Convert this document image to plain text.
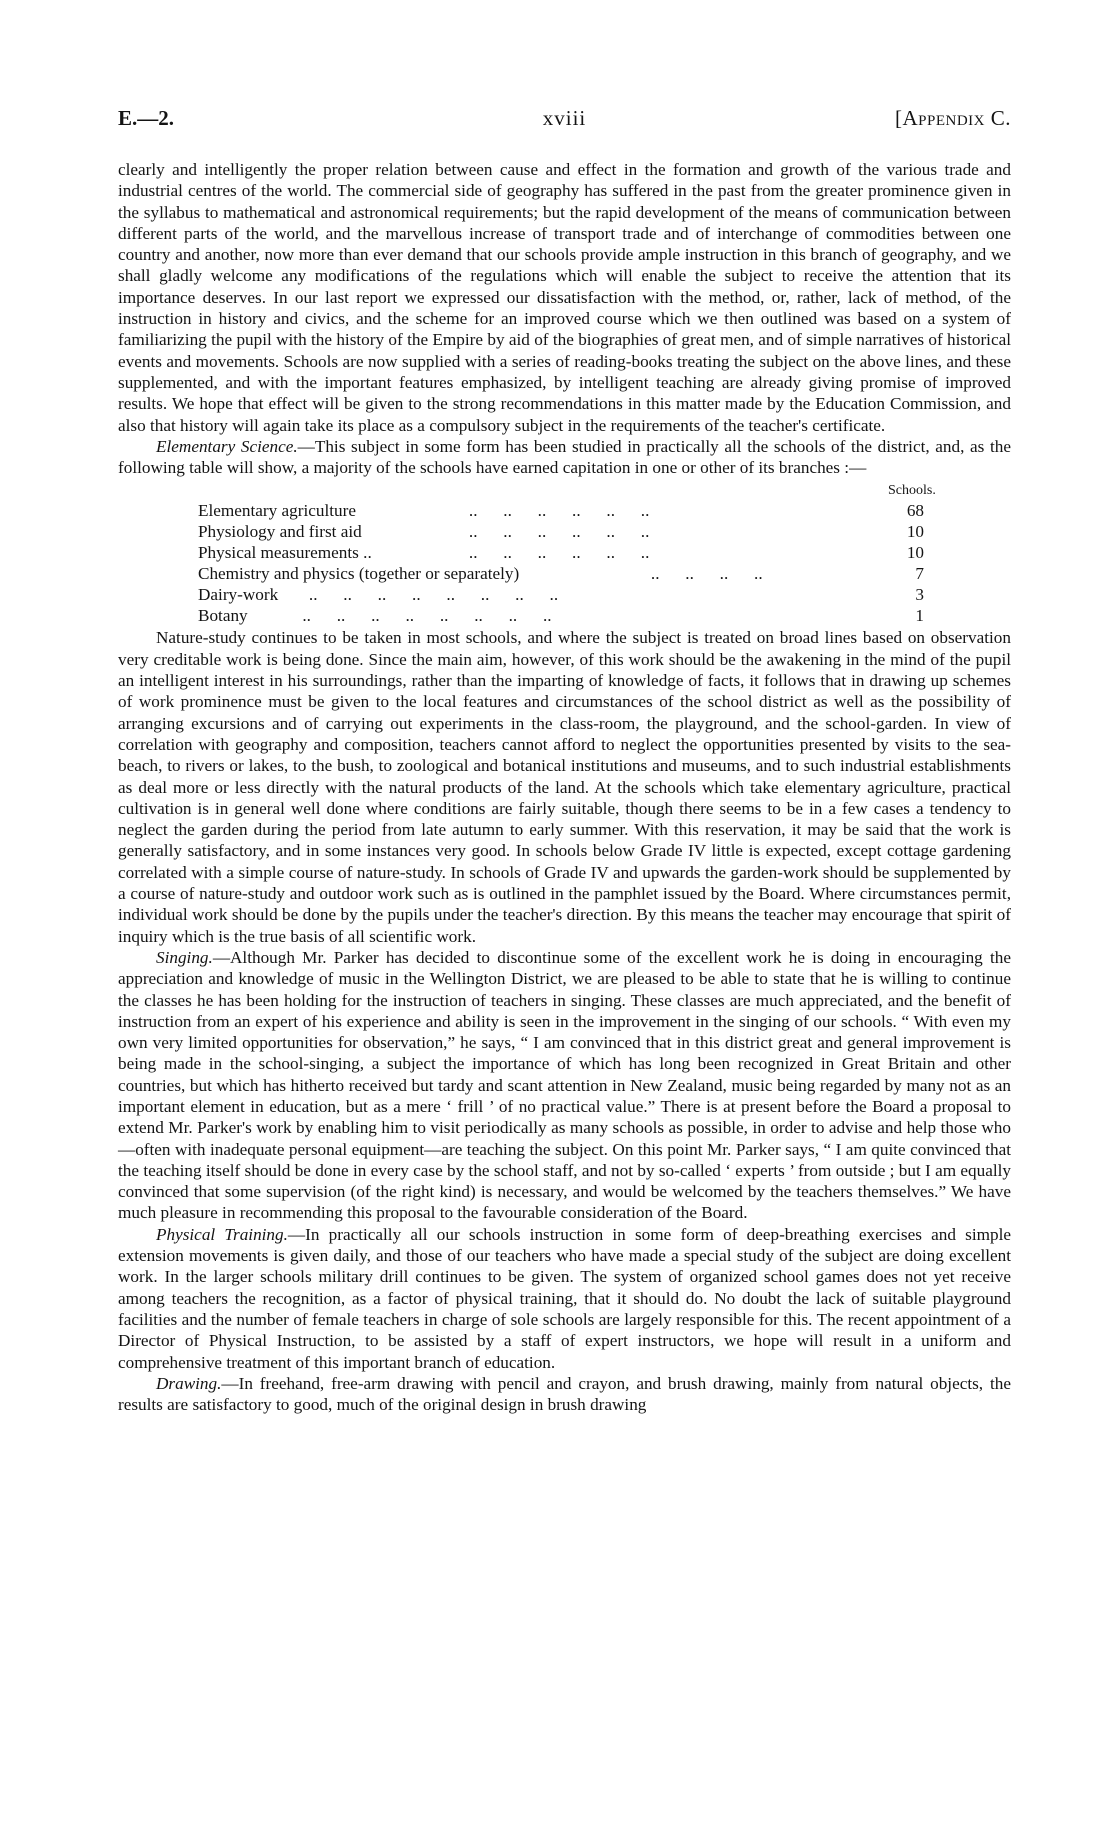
E.—2.	xviii	[Appendix C.

clearly and intelligently the proper relation between cause and effect in the formation and growth of the various trade and industrial centres of the world. The commercial side of geography has suffered in the past from the greater prominence given in the syllabus to mathematical and astronomical requirements; but the rapid development of the means of communication between different parts of the world, and the marvellous increase of transport trade and of interchange of commodities between one country and another, now more than ever demand that our schools provide ample instruction in this branch of geography, and we shall gladly welcome any modifications of the regulations which will enable the subject to receive the attention that its importance deserves. In our last report we expressed our dissatisfaction with the method, or, rather, lack of method, of the instruction in history and civics, and the scheme for an improved course which we then outlined was based on a system of familiarizing the pupil with the history of the Empire by aid of the biographies of great men, and of simple narratives of historical events and movements. Schools are now supplied with a series of reading-books treating the subject on the above lines, and these supplemented, and with the important features emphasized, by intelligent teaching are already giving promise of improved results. We hope that effect will be given to the strong recommendations in this matter made by the Education Commission, and also that history will again take its place as a compulsory subject in the requirements of the teacher's certificate.

Elementary Science.—This subject in some form has been studied in practically all the schools of the district, and, as the following table will show, a majority of the schools have earned capitation in one or other of its branches :—

Schools.
Elementary agriculture	..      ..      ..      ..      ..      ..	68
Physiology and first aid	..      ..      ..      ..      ..      ..	10
Physical measurements ..	..      ..      ..      ..      ..      ..	10
Chemistry and physics (together or separately)	..      ..      ..      ..	7
Dairy-work ..      ..      ..      ..      ..      ..      ..      ..	3
Botany ..      ..      ..      ..      ..      ..      ..      ..	1

Nature-study continues to be taken in most schools, and where the subject is treated on broad lines based on observation very creditable work is being done. Since the main aim, however, of this work should be the awakening in the mind of the pupil an intelligent interest in his surroundings, rather than the imparting of knowledge of facts, it follows that in drawing up schemes of work prominence must be given to the local features and circumstances of the school district as well as the possibility of arranging excursions and of carrying out experiments in the class-room, the playground, and the school-garden. In view of correlation with geography and composition, teachers cannot afford to neglect the opportunities presented by visits to the sea-beach, to rivers or lakes, to the bush, to zoological and botanical institutions and museums, and to such industrial establishments as deal more or less directly with the natural products of the land. At the schools which take elementary agriculture, practical cultivation is in general well done where conditions are fairly suitable, though there seems to be in a few cases a tendency to neglect the garden during the period from late autumn to early summer. With this reservation, it may be said that the work is generally satisfactory, and in some instances very good. In schools below Grade IV little is expected, except cottage gardening correlated with a simple course of nature-study. In schools of Grade IV and upwards the garden-work should be supplemented by a course of nature-study and outdoor work such as is outlined in the pamphlet issued by the Board. Where circumstances permit, individual work should be done by the pupils under the teacher's direction. By this means the teacher may encourage that spirit of inquiry which is the true basis of all scientific work.

Singing.—Although Mr. Parker has decided to discontinue some of the excellent work he is doing in encouraging the appreciation and knowledge of music in the Wellington District, we are pleased to be able to state that he is willing to continue the classes he has been holding for the instruction of teachers in singing. These classes are much appreciated, and the benefit of instruction from an expert of his experience and ability is seen in the improvement in the singing of our schools. “ With even my own very limited opportunities for observation,” he says, “ I am convinced that in this district great and general improvement is being made in the school-singing, a subject the importance of which has long been recognized in Great Britain and other countries, but which has hitherto received but tardy and scant attention in New Zealand, music being regarded by many not as an important element in education, but as a mere ‘ frill ’ of no practical value.” There is at present before the Board a proposal to extend Mr. Parker's work by enabling him to visit periodically as many schools as possible, in order to advise and help those who—often with inadequate personal equipment—are teaching the subject. On this point Mr. Parker says, “ I am quite convinced that the teaching itself should be done in every case by the school staff, and not by so-called ‘ experts ’ from outside ; but I am equally convinced that some supervision (of the right kind) is necessary, and would be welcomed by the teachers themselves.” We have much pleasure in recommending this proposal to the favourable consideration of the Board.

Physical Training.—In practically all our schools instruction in some form of deep-breathing exercises and simple extension movements is given daily, and those of our teachers who have made a special study of the subject are doing excellent work. In the larger schools military drill continues to be given. The system of organized school games does not yet receive among teachers the recognition, as a factor of physical training, that it should do. No doubt the lack of suitable playground facilities and the number of female teachers in charge of sole schools are largely responsible for this. The recent appointment of a Director of Physical Instruction, to be assisted by a staff of expert instructors, we hope will result in a uniform and comprehensive treatment of this important branch of education.

Drawing.—In freehand, free-arm drawing with pencil and crayon, and brush drawing, mainly from natural objects, the results are satisfactory to good, much of the original design in brush drawing
